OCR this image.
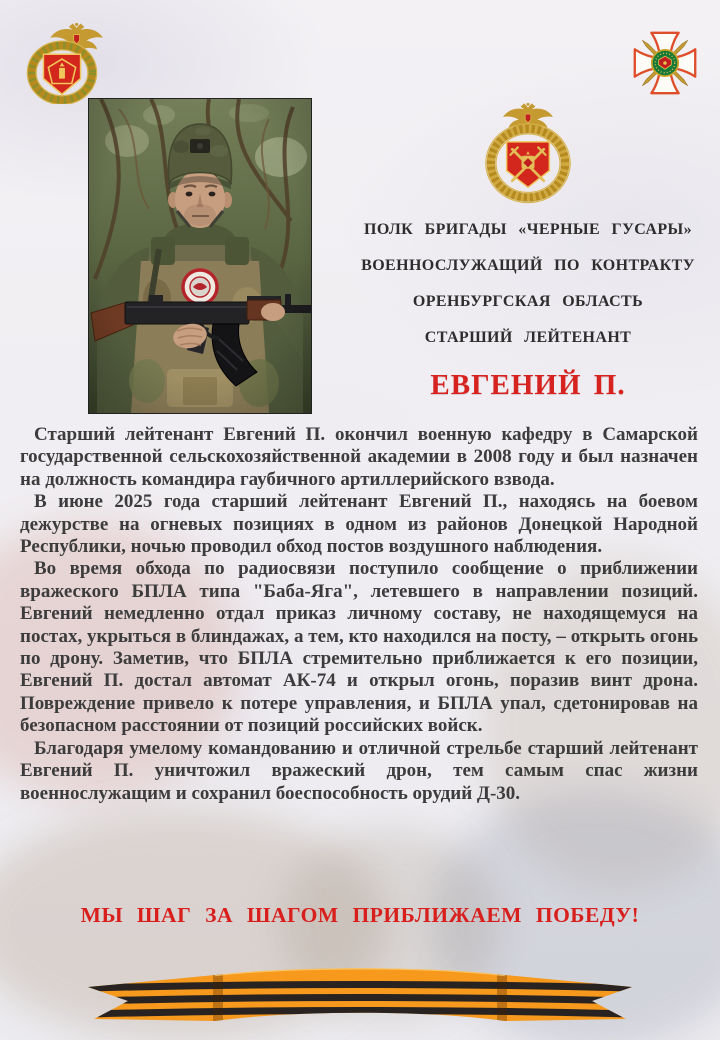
ПОЛК БРИГАДЫ «ЧЕРНЫЕ ГУСАРЫ»
ВОЕННОСЛУЖАЩИЙ ПО КОНТРАКТУ
ОРЕНБУРГСКАЯ ОБЛАСТЬ
СТАРШИЙ ЛЕЙТЕНАНТ
ЕВГЕНИЙ П.

Старший лейтенант Евгений П. окончил военную кафедру в Самарской государственной сельскохозяйственной академии в 2008 году и был назначен на должность командира гаубичного артиллерийского взвода.

В июне 2025 года старший лейтенант Евгений П., находясь на боевом дежурстве на огневых позициях в одном из районов Донецкой Народной Республики, ночью проводил обход постов воздушного наблюдения.

Во время обхода по радиосвязи поступило сообщение о приближении вражеского БПЛА типа "Баба-Яга", летевшего в направлении позиций. Евгений немедленно отдал приказ личному составу, не находящемуся на постах, укрыться в блиндажах, а тем, кто находился на посту, – открыть огонь по дрону. Заметив, что БПЛА стремительно приближается к его позиции, Евгений П. достал автомат АК-74 и открыл огонь, поразив винт дрона. Повреждение привело к потере управления, и БПЛА упал, сдетонировав на безопасном расстоянии от позиций российских войск.

Благодаря умелому командованию и отличной стрельбе старший лейтенант Евгений П. уничтожил вражеский дрон, тем самым спас жизни военнослужащим и сохранил боеспособность орудий Д-30.

МЫ ШАГ ЗА ШАГОМ ПРИБЛИЖАЕМ ПОБЕДУ!
